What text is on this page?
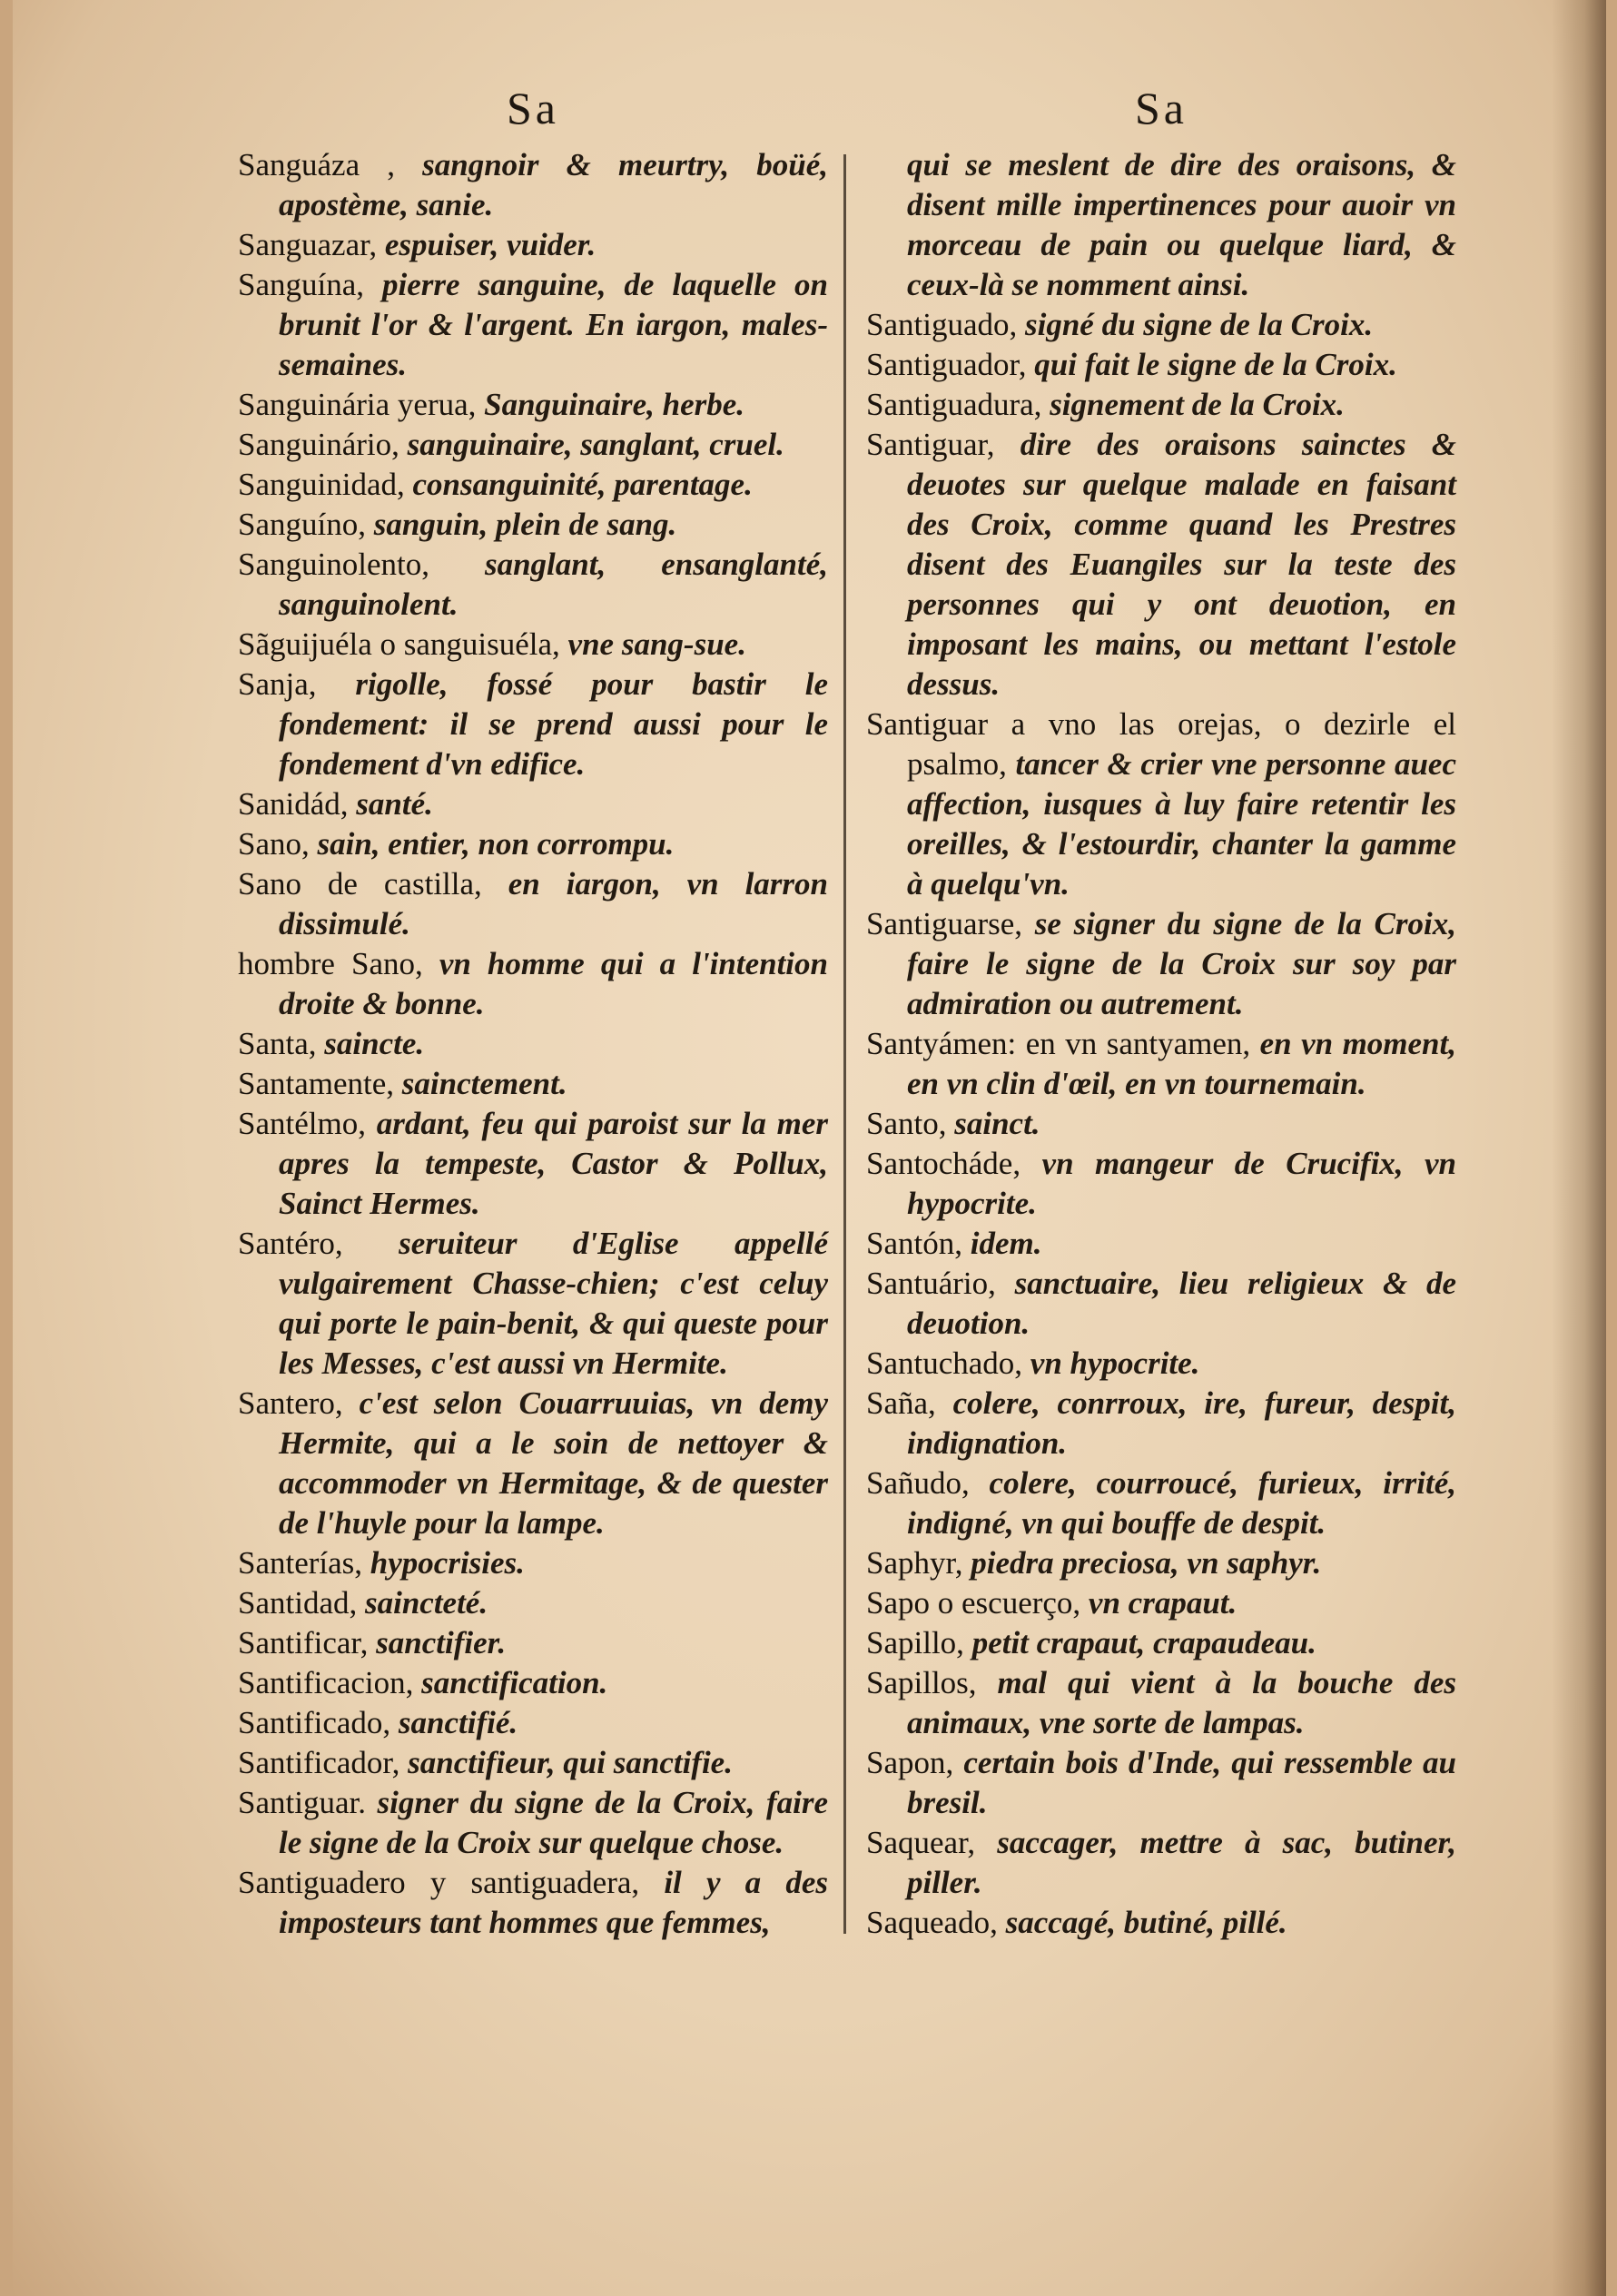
Sa
Sanguáza , sangnoir & meurtry, boüé, apostème, sanie.
Sanguazar, espuiser, vuider.
Sanguína, pierre sanguine, de laquelle on brunit l'or & l'argent. En iargon, males-semaines.
Sanguinária yerua, Sanguinaire, herbe.
Sanguinário, sanguinaire, sanglant, cruel.
Sanguinidad, consanguinité, parentage.
Sanguíno, sanguin, plein de sang.
Sanguinolento, sanglant, ensanglanté, sanguinolent.
Sãguijuéla o sanguisuéla, vne sang-sue.
Sanja, rigolle, fossé pour bastir le fondement: il se prend aussi pour le fondement d'vn edifice.
Sanidád, santé.
Sano, sain, entier, non corrompu.
Sano de castilla, en iargon, vn larron dissimulé.
hombre Sano, vn homme qui a l'intention droite & bonne.
Santa, saincte.
Santamente, sainctement.
Santélmo, ardant, feu qui paroist sur la mer apres la tempeste, Castor & Pollux, Sainct Hermes.
Santéro, seruiteur d'Eglise appellé vulgairement Chasse-chien; c'est celuy qui porte le pain-benit, & qui queste pour les Messes, c'est aussi vn Hermite.
Santero, c'est selon Couarruuias, vn demy Hermite, qui a le soin de nettoyer & accommoder vn Hermitage, & de quester de l'huyle pour la lampe.
Santerías, hypocrisies.
Santidad, saincteté.
Santificar, sanctifier.
Santificacion, sanctification.
Santificado, sanctifié.
Santificador, sanctifieur, qui sanctifie.
Santiguar. signer du signe de la Croix, faire le signe de la Croix sur quelque chose.
Santiguadero y santiguadera, il y a des imposteurs tant hommes que femmes,
Sa
qui se meslent de dire des oraisons, & disent mille impertinences pour auoir vn morceau de pain ou quelque liard, & ceux-là se nomment ainsi.
Santiguado, signé du signe de la Croix.
Santiguador, qui fait le signe de la Croix.
Santiguadura, signement de la Croix.
Santiguar, dire des oraisons sainctes & deuotes sur quelque malade en faisant des Croix, comme quand les Prestres disent des Euangiles sur la teste des personnes qui y ont deuotion, en imposant les mains, ou mettant l'estole dessus.
Santiguar a vno las orejas, o dezirle el psalmo, tancer & crier vne personne auec affection, iusques à luy faire retentir les oreilles, & l'estourdir, chanter la gamme à quelqu'vn.
Santiguarse, se signer du signe de la Croix, faire le signe de la Croix sur soy par admiration ou autrement.
Santyámen: en vn santyamen, en vn moment, en vn clin d'œil, en vn tournemain.
Santo, sainct.
Santocháde, vn mangeur de Crucifix, vn hypocrite.
Santón, idem.
Santuário, sanctuaire, lieu religieux & de deuotion.
Santuchado, vn hypocrite.
Saña, colere, conrroux, ire, fureur, despit, indignation.
Sañudo, colere, courroucé, furieux, irrité, indigné, vn qui bouffe de despit.
Saphyr, piedra preciosa, vn saphyr.
Sapo o escuerço, vn crapaut.
Sapillo, petit crapaut, crapaudeau.
Sapillos, mal qui vient à la bouche des animaux, vne sorte de lampas.
Sapon, certain bois d'Inde, qui ressemble au bresil.
Saquear, saccager, mettre à sac, butiner, piller.
Saqueado, saccagé, butiné, pillé.
